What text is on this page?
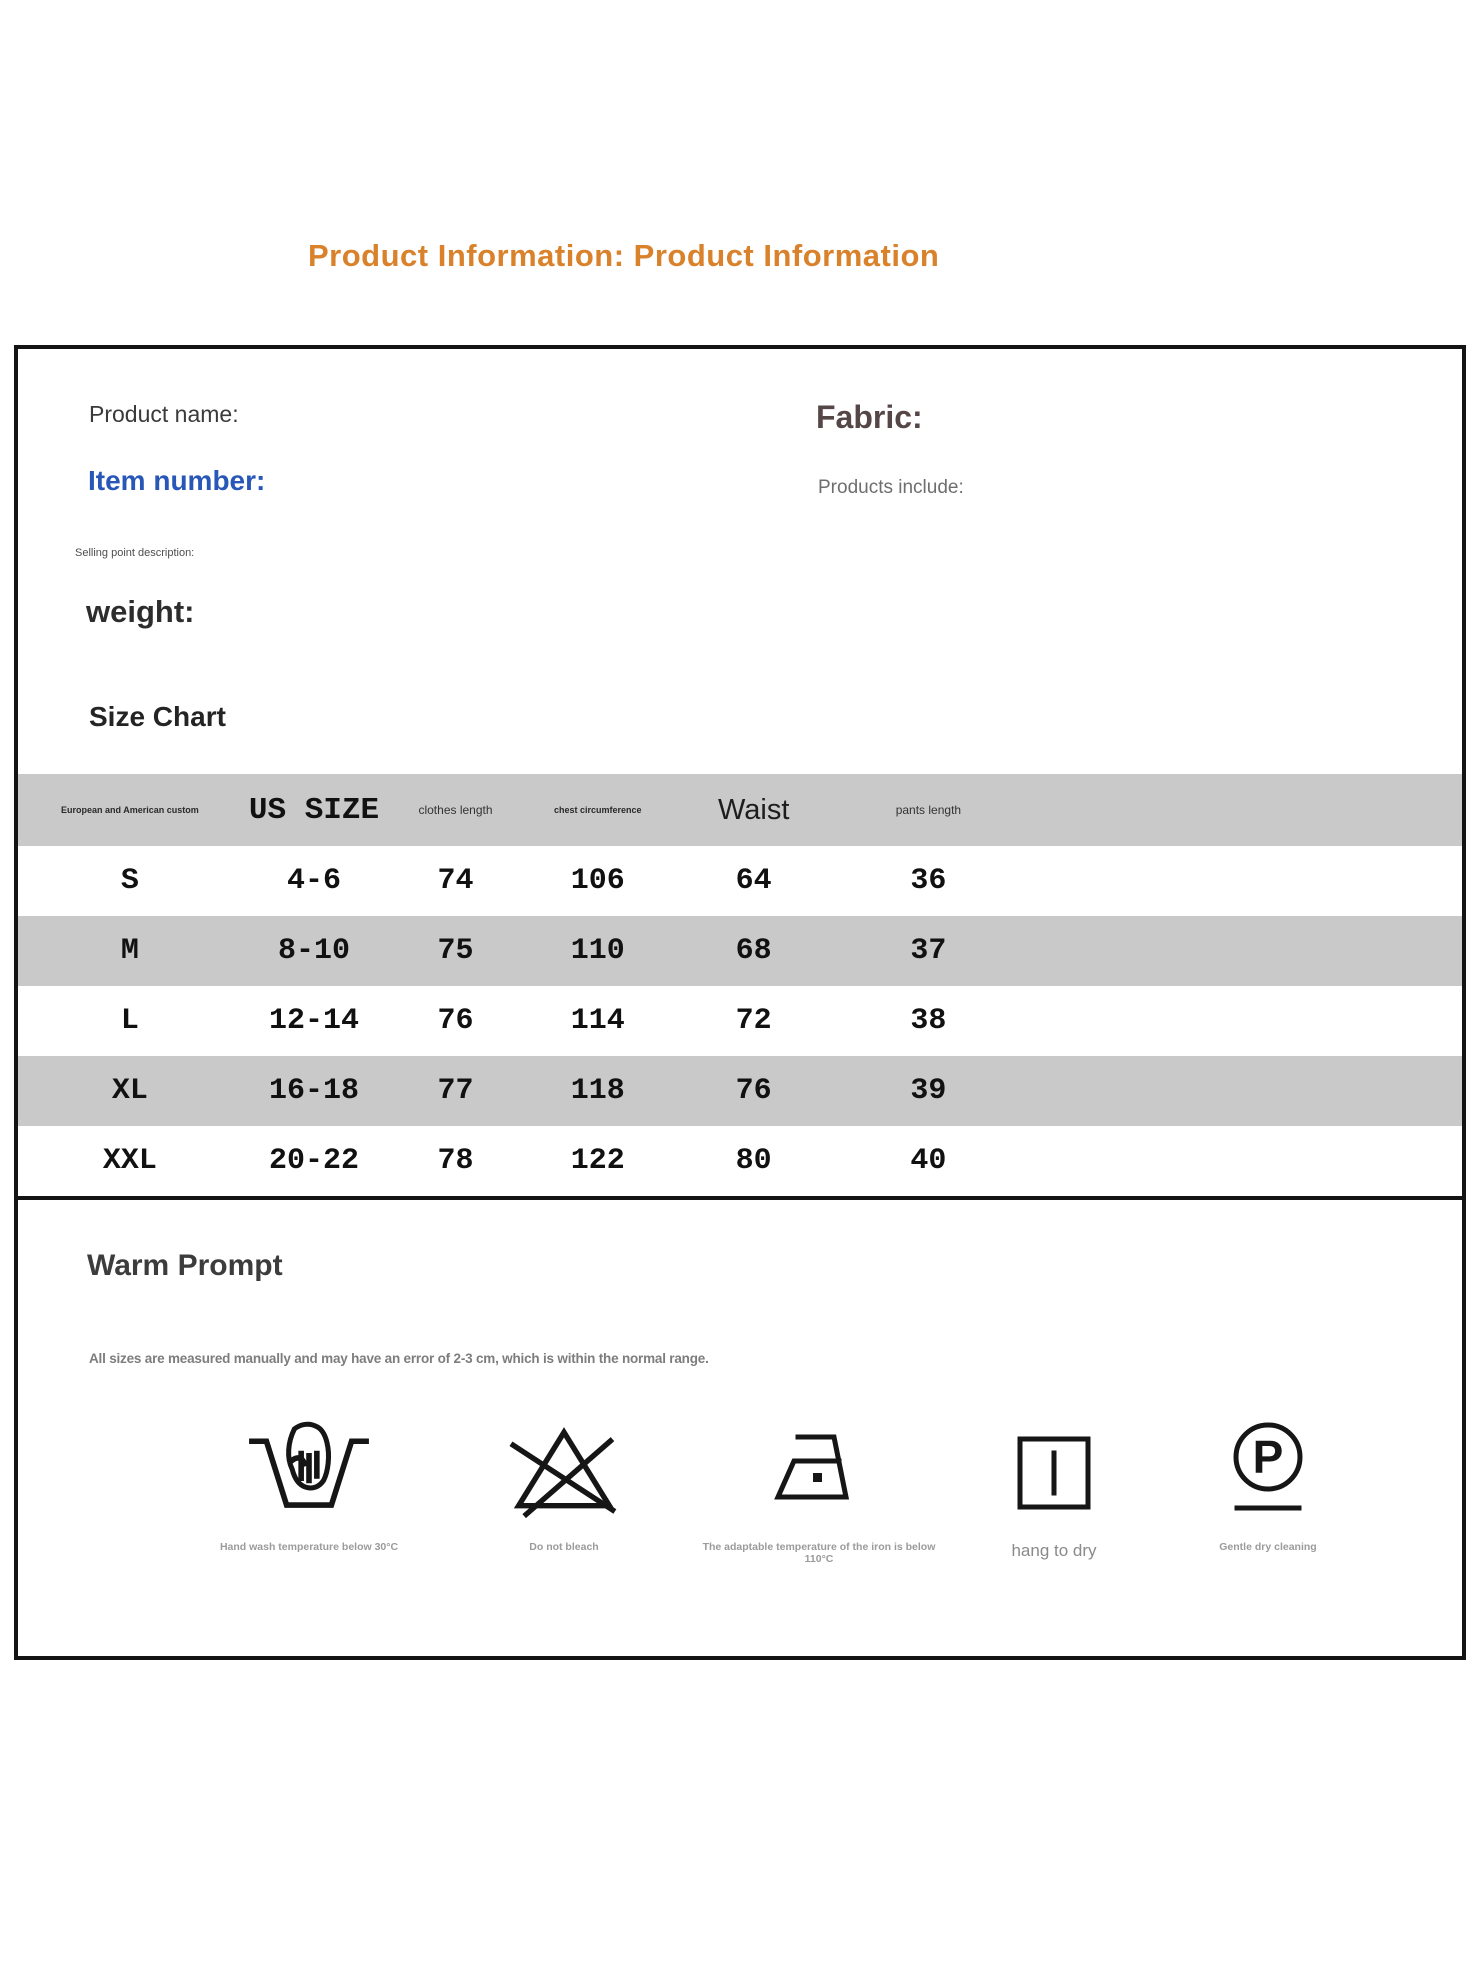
Product Information: Product Information
Product name:
Item number:
Selling point description:
weight:
Fabric:
Products include:
Size Chart
European and American custom	US SIZE	clothes length	chest circumference	Waist	pants length	
S	4-6	74	106	64	36	
M	8-10	75	110	68	37	
L	12-14	76	114	72	38	
XL	16-18	77	118	76	39	
XXL	20-22	78	122	80	40	
Warm Prompt
All sizes are measured manually and may have an error of 2-3 cm, which is within the normal range.
Hand wash temperature below 30°C	Do not bleach	The adaptable temperature of the iron is below 110°C	hang to dry
P
Gentle dry cleaning
